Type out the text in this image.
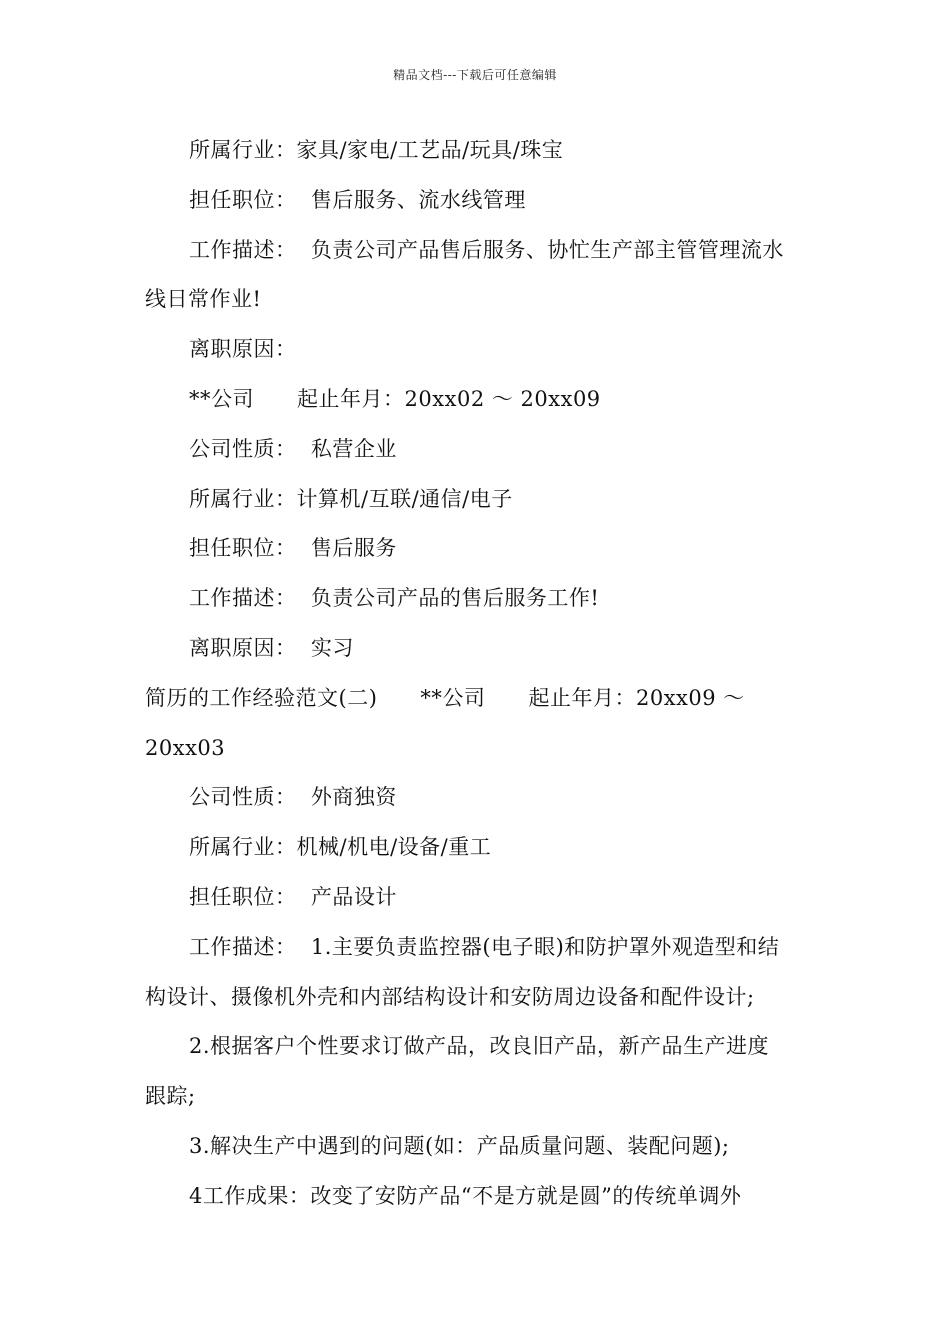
精品文档---下载后可任意编辑
所属行业：家具/家电/工艺品/玩具/珠宝
担任职位：  售后服务、流水线管理
工作描述：  负责公司产品售后服务、协忙生产部主管管理流水
线日常作业!
离职原因：
**公司      起止年月：20xx02 ～ 20xx09
公司性质：  私营企业
所属行业：计算机/互联/通信/电子
担任职位：  售后服务
工作描述：  负责公司产品的售后服务工作!
离职原因：  实习
简历的工作经验范文(二)      **公司      起止年月：20xx09 ～
20xx03
公司性质：  外商独资
所属行业：机械/机电/设备/重工
担任职位：  产品设计
工作描述：  1.主要负责监控器(电子眼)和防护罩外观造型和结
构设计、摄像机外壳和内部结构设计和安防周边设备和配件设计;
2.根据客户个性要求订做产品，改良旧产品，新产品生产进度
跟踪;
3.解决生产中遇到的问题(如：产品质量问题、装配问题);
4工作成果：改变了安防产品“不是方就是圆”的传统单调外
